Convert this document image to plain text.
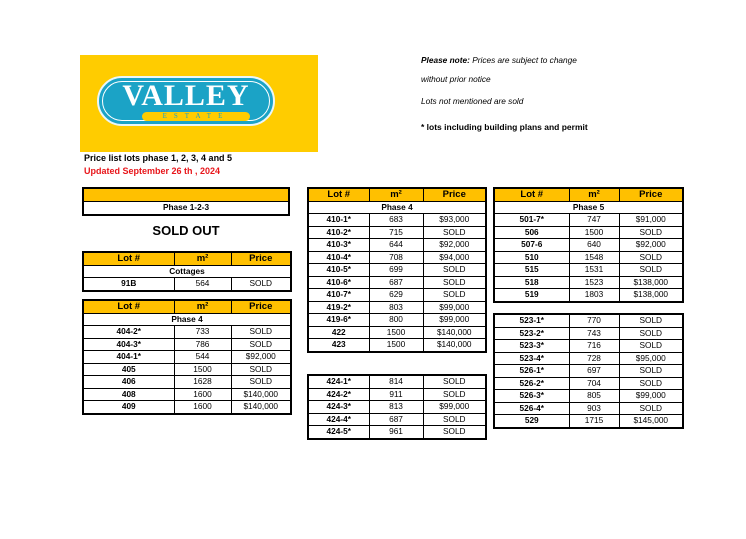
VALLEY
ESTATE
Price list lots phase 1, 2, 3, 4 and 5
Updated September 26 th , 2024
Please note: Prices are subject to change
without prior notice
Lots not mentioned are sold
* lots including building plans and permit

Phase 1-2-3
SOLD OUT
Lot #	m²	Price
Cottages		
91B	564	SOLD
Lot #	m²	Price
Phase 4		
404-2*	733	SOLD
404-3*	786	SOLD
404-1*	544	$92,000
405	1500	SOLD
406	1628	SOLD
408	1600	$140,000
409	1600	$140,000
Lot #	m²	Price
Phase 4		
410-1*	683	$93,000
410-2*	715	SOLD
410-3*	644	$92,000
410-4*	708	$94,000
410-5*	699	SOLD
410-6*	687	SOLD
410-7*	629	SOLD
419-2*	803	$99,000
419-6*	800	$99,000
422	1500	$140,000
423	1500	$140,000
424-1*	814	SOLD
424-2*	911	SOLD
424-3*	813	$99,000
424-4*	687	SOLD
424-5*	961	SOLD
Lot #	m²	Price
Phase 5		
501-7*	747	$91,000
506	1500	SOLD
507-6	640	$92,000
510	1548	SOLD
515	1531	SOLD
518	1523	$138,000
519	1803	$138,000
523-1*	770	SOLD
523-2*	743	SOLD
523-3*	716	SOLD
523-4*	728	$95,000
526-1*	697	SOLD
526-2*	704	SOLD
526-3*	805	$99,000
526-4*	903	SOLD
529	1715	$145,000
